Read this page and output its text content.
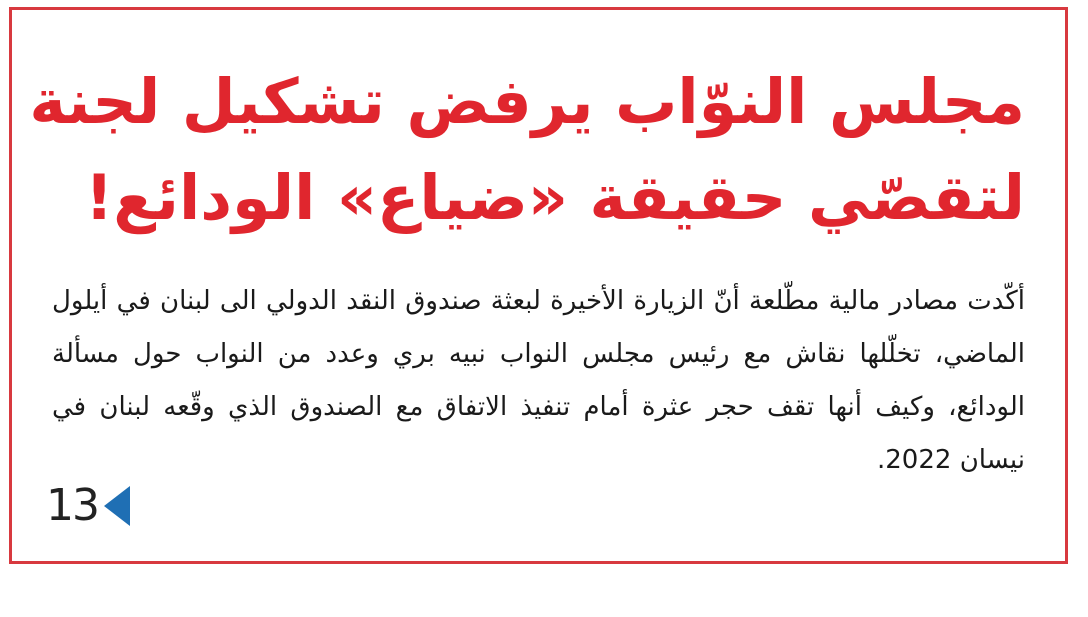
مجلس النوّاب يرفض تشكيل لجنة
لتقصّي حقيقة «ضياع» الودائع!

أكّدت مصادر مالية مطّلعة أنّ الزيارة الأخيرة لبعثة صندوق النقد الدولي الى لبنان في أيلول الماضي، تخلّلها نقاش مع رئيس مجلس النواب نبيه بري وعدد من النواب حول مسألة الودائع، وكيف أنها تقف حجر عثرة أمام تنفيذ الاتفاق مع الصندوق الذي وقّعه لبنان في نيسان 2022.

13
